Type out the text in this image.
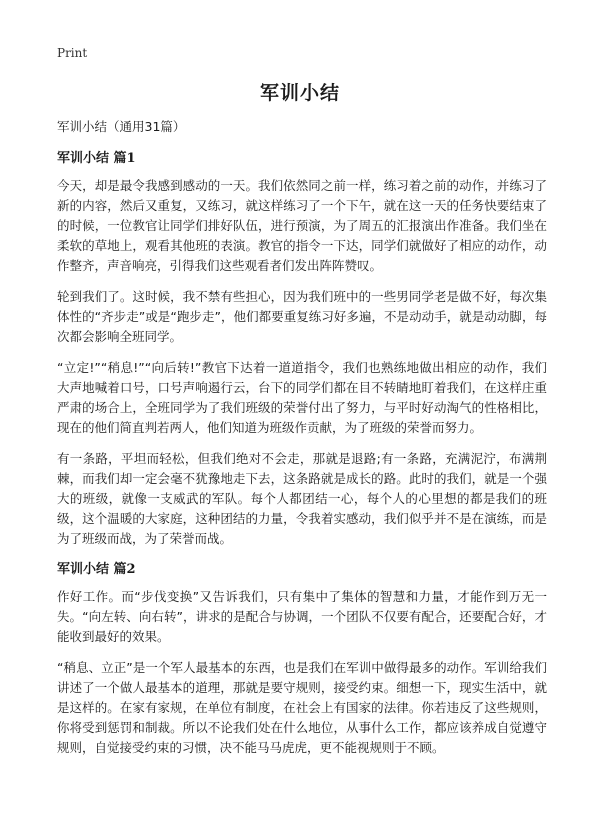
Print
军训小结
军训小结（通用31篇）
军训小结 篇1

今天，却是最令我感到感动的一天。我们依然同之前一样，练习着之前的动作，并练习了新的内容，然后又重复，又练习，就这样练习了一个下午，就在这一天的任务快要结束了的时候，一位教官让同学们排好队伍，进行预演，为了周五的汇报演出作准备。我们坐在柔软的草地上，观看其他班的表演。教官的指令一下达，同学们就做好了相应的动作，动作整齐，声音响亮，引得我们这些观看者们发出阵阵赞叹。

轮到我们了。这时候，我不禁有些担心，因为我们班中的一些男同学老是做不好，每次集体性的“齐步走”或是“跑步走”，他们都要重复练习好多遍，不是动动手，就是动动脚，每次都会影响全班同学。

“立定!”“稍息!”“向后转!”教官下达着一道道指令，我们也熟练地做出相应的动作，我们大声地喊着口号，口号声响遏行云，台下的同学们都在目不转睛地盯着我们，在这样庄重严肃的场合上，全班同学为了我们班级的荣誉付出了努力，与平时好动淘气的性格相比，现在的他们简直判若两人，他们知道为班级作贡献，为了班级的荣誉而努力。

有一条路，平坦而轻松，但我们绝对不会走，那就是退路;有一条路，充满泥泞，布满荆棘，而我们却一定会毫不犹豫地走下去，这条路就是成长的路。此时的我们，就是一个强大的班级，就像一支威武的军队。每个人都团结一心，每个人的心里想的都是我们的班级，这个温暖的大家庭，这种团结的力量，令我着实感动，我们似乎并不是在演练，而是为了班级而战，为了荣誉而战。

军训小结 篇2

作好工作。而“步伐变换”又告诉我们，只有集中了集体的智慧和力量，才能作到万无一失。“向左转、向右转”，讲求的是配合与协调，一个团队不仅要有配合，还要配合好，才能收到最好的效果。

“稍息、立正”是一个军人最基本的东西，也是我们在军训中做得最多的动作。军训给我们讲述了一个做人最基本的道理，那就是要守规则，接受约束。细想一下，现实生活中，就是这样的。在家有家规，在单位有制度，在社会上有国家的法律。你若违反了这些规则，你将受到惩罚和制裁。所以不论我们处在什么地位，从事什么工作，都应该养成自觉遵守规则，自觉接受约束的习惯，决不能马马虎虎，更不能视规则于不顾。
